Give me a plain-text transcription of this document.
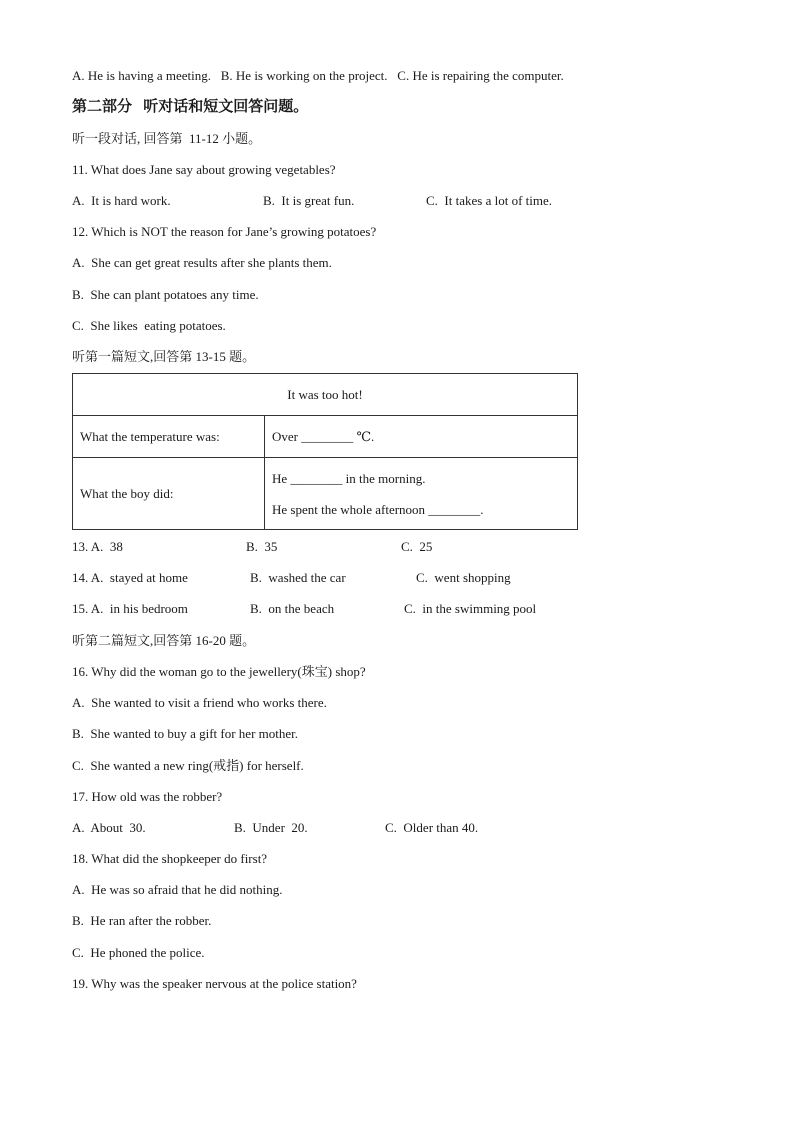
A. He is having a meeting.   B. He is working on the project.   C. He is repairing the computer.
第二部分   听对话和短文回答问题。
听一段对话, 回答第  11-12 小题。
11. What does Jane say about growing vegetables?
A.  It is hard work.	B.  It is great fun.	C.  It takes a lot of time.
12. Which is NOT the reason for Jane’s growing potatoes?
A.  She can get great results after she plants them.
B.  She can plant potatoes any time.
C.  She likes  eating potatoes.
听第一篇短文,回答第 13-15 题。
It was too hot!	
What the temperature was:	Over ________ ℃.
What the boy did:	He ________ in the morning.
He spent the whole afternoon ________.
13. A.  38	B.  35	C.  25
14. A.  stayed at home	B.  washed the car	C.  went shopping
15. A.  in his bedroom	B.  on the beach	C.  in the swimming pool
听第二篇短文,回答第 16-20 题。
16. Why did the woman go to the jewellery(珠宝) shop?
A.  She wanted to visit a friend who works there.
B.  She wanted to buy a gift for her mother.
C.  She wanted a new ring(戒指) for herself.
17. How old was the robber?
A.  About  30.	B.  Under  20.	C.  Older than 40.
18. What did the shopkeeper do first?
A.  He was so afraid that he did nothing.
B.  He ran after the robber.
C.  He phoned the police.
19. Why was the speaker nervous at the police station?
